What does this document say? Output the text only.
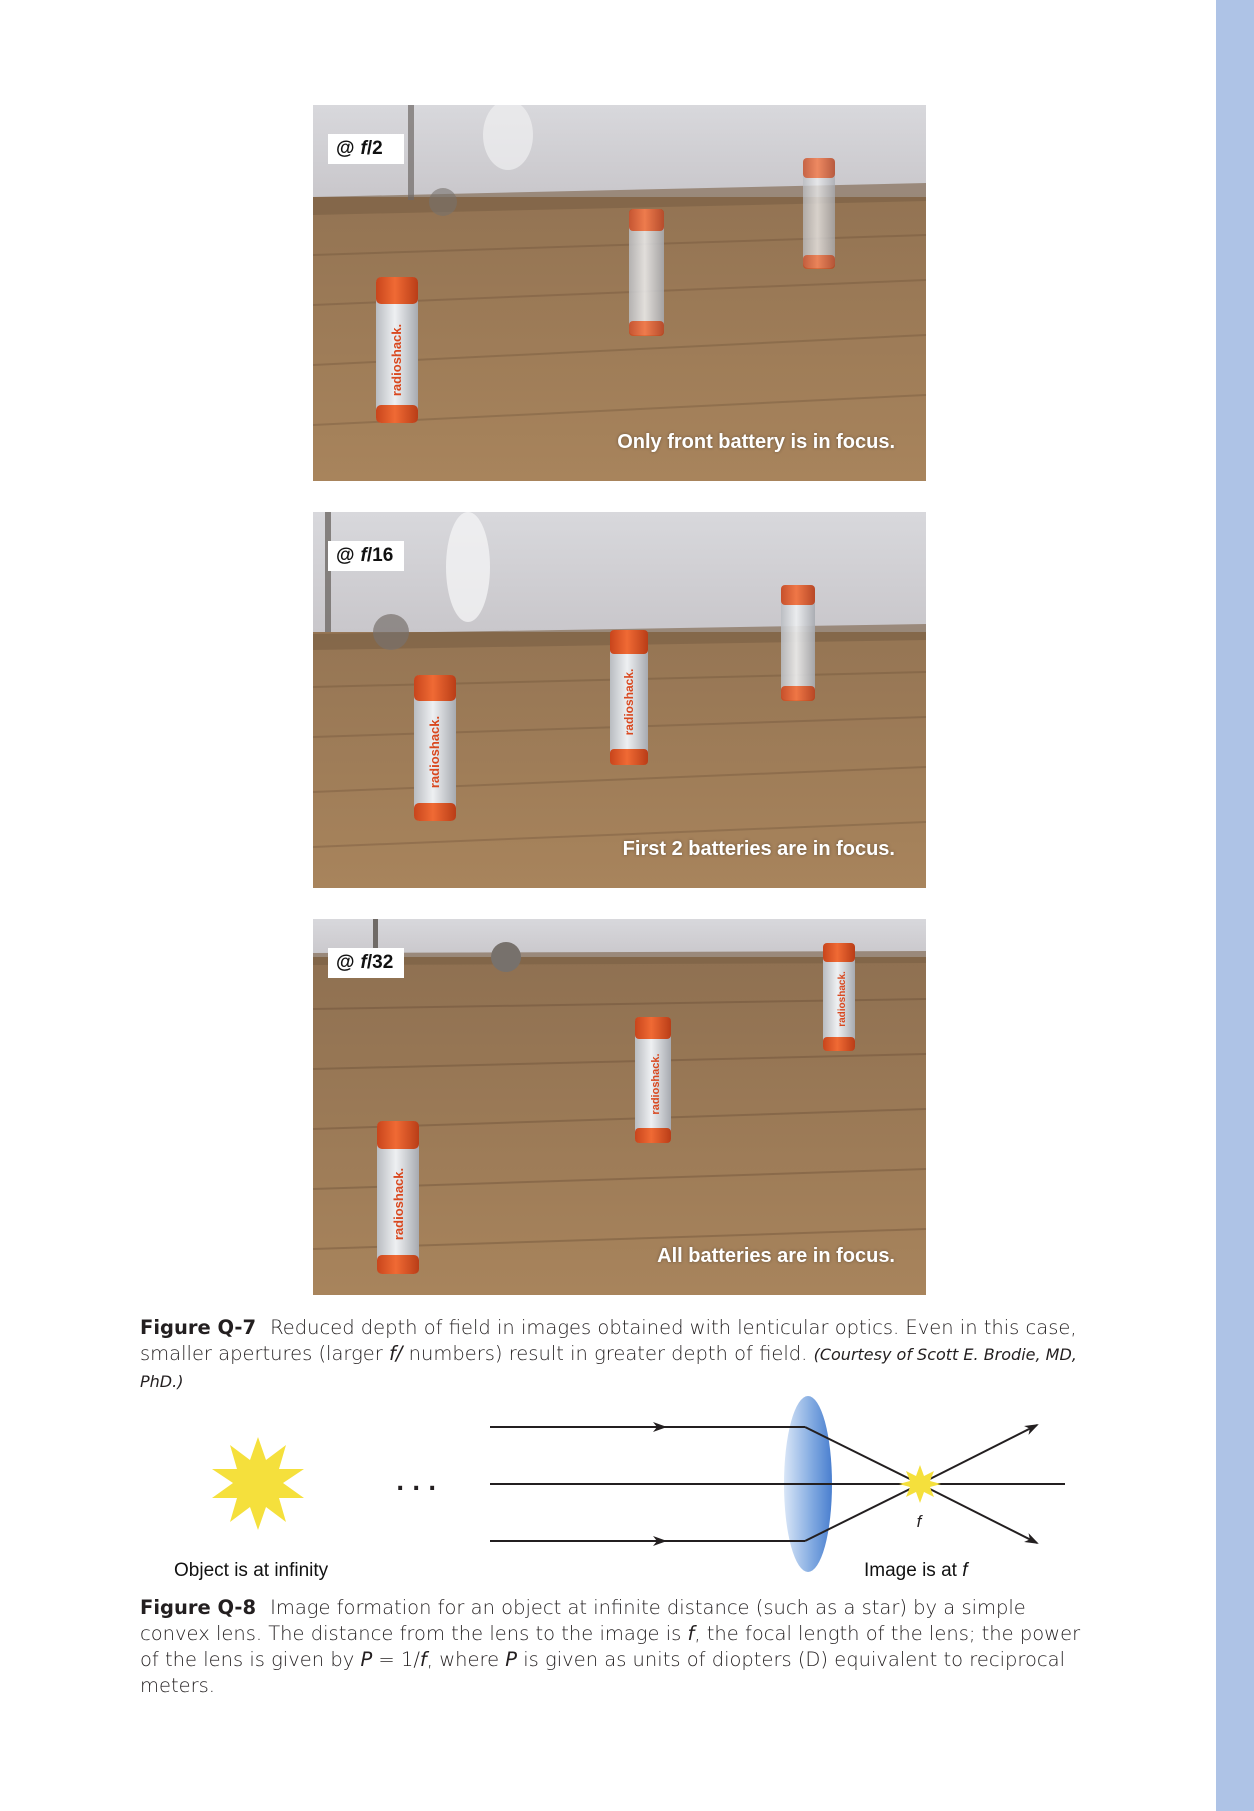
radioshack.
@ f/2
Only front battery is in focus.
radioshack.
radioshack.
@ f/16
First 2 batteries are in focus.
radioshack.
radioshack.
radioshack.
@ f/32
All batteries are in focus.
Figure Q-7 Reduced depth of field in images obtained with lenticular optics. Even in this case, smaller apertures (larger f/ numbers) result in greater depth of field. (Courtesy of Scott E. Brodie, MD, PhD.)
. . .
f
Object is at infinity	Image is at f
Figure Q-8 Image formation for an object at infinite distance (such as a star) by a simple convex lens. The distance from the lens to the image is f, the focal length of the lens; the power of the lens is given by P = 1/f, where P is given as units of diopters (D) equivalent to reciprocal meters.
